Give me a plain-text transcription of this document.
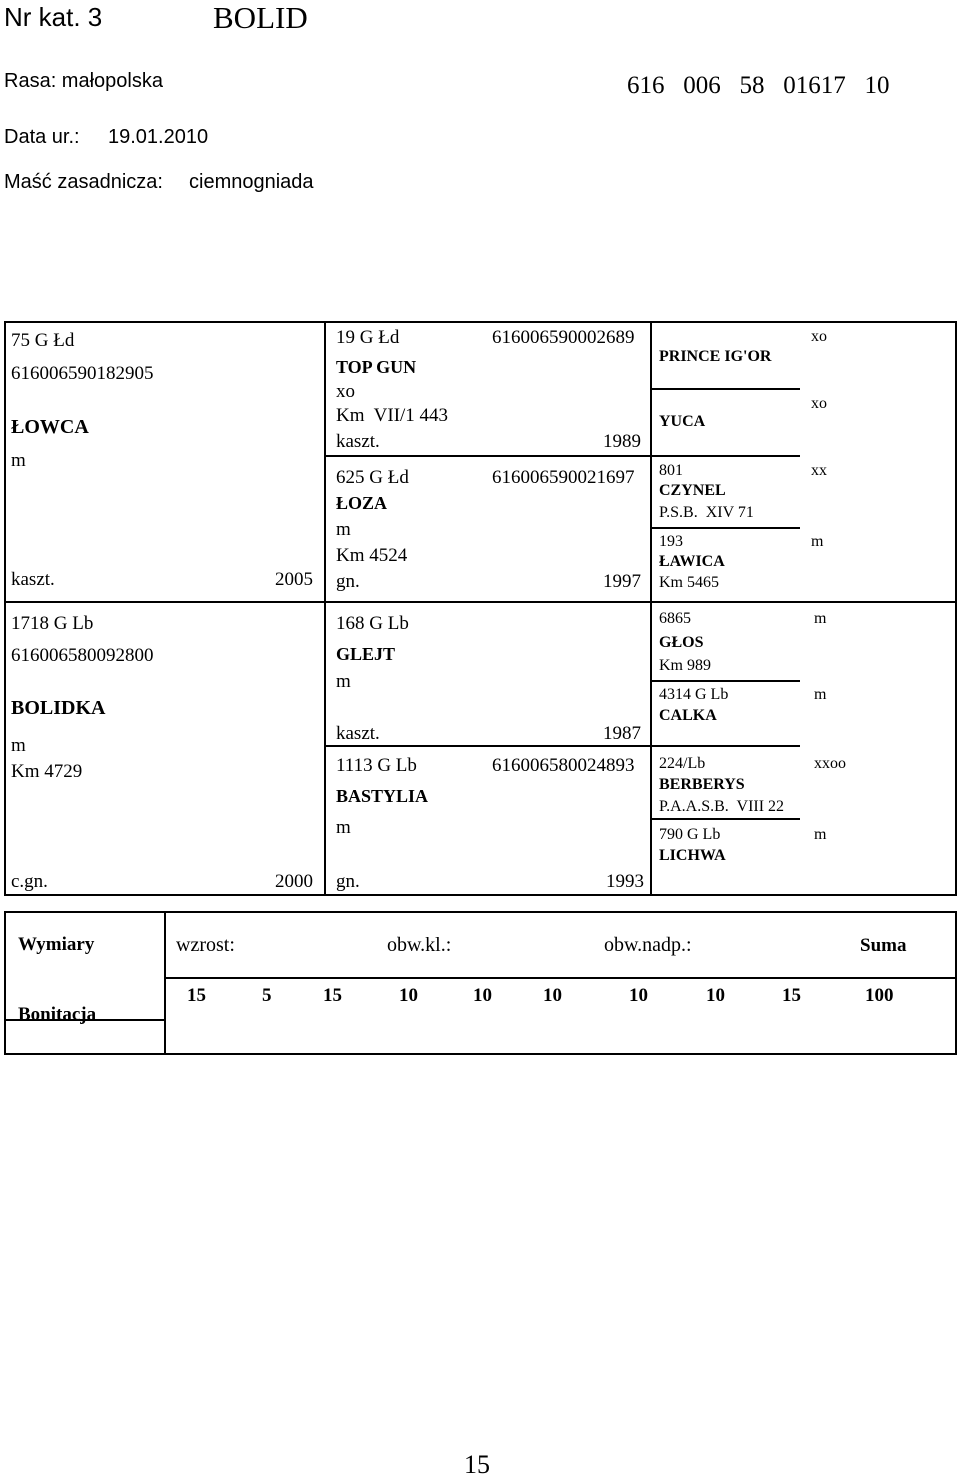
Nr kat. 3	BOLID
Rasa: małopolska	616   006   58   01617   10
Data ur.: 19.01.2010
Maść zasadnicza: ciemnogniada
75 G Łd
616006590182905
ŁOWCA
m
kaszt.	2005
19 G Łd	616006590002689
TOP GUN
xo
Km  VII/1 443
kaszt.	1989
625 G Łd	616006590021697
ŁOZA
m
Km 4524
gn.	1997
PRINCE IG'OR
xo
YUCA
xo
801
CZYNEL
P.S.B.  XIV 71
xx
193
ŁAWICA
Km 5465
m
1718 G Lb
616006580092800
BOLIDKA
m
Km 4729
c.gn.	2000
168 G Lb
GLEJT
m
kaszt.	1987
1113 G Lb	616006580024893
BASTYLIA
m
gn.	1993
6865
GŁOS
Km 989
m
4314 G Lb
CALKA
m
224/Lb
BERBERYS
P.A.A.S.B.  VIII 22
xxoo
790 G Lb
LICHWA
m
Wymiary	wzrost:	obw.kl.:	obw.nadp.:	Suma
Bonitacja
15	5	15	10	10	10	10	10	15	100
15
